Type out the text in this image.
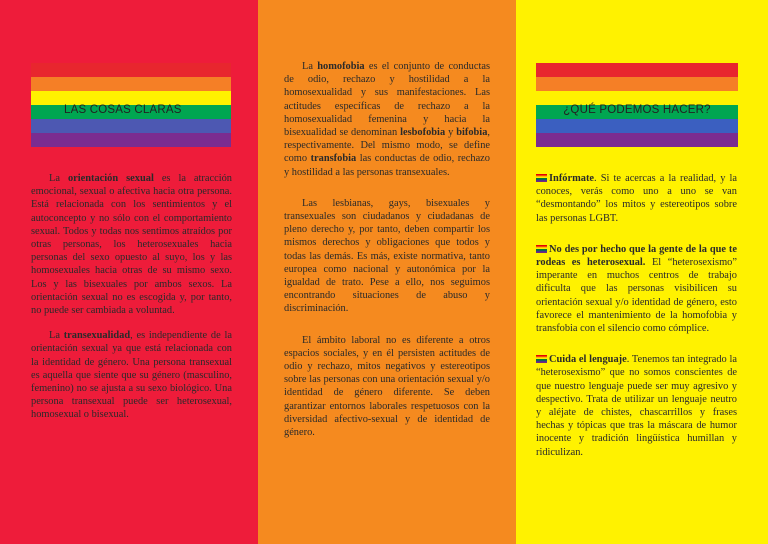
LAS COSAS CLARAS

La orientación sexual es la atracción emocional, sexual o afectiva hacia otra persona. Está relacionada con los sentimientos y el autoconcepto y no sólo con el comportamiento sexual. Todos y todas nos sentimos atraídos por otras personas, los heterosexuales hacia personas del sexo opuesto al suyo, los y las homosexuales hacia otras de su mismo sexo. Los y las bisexuales por ambos sexos. La orientación sexual no es escogida y, por tanto, no puede ser cambiada a voluntad.

La transexualidad, es independiente de la orientación sexual ya que está relacionada con la identidad de género. Una persona transexual es aquella que siente que su género (masculino, femenino) no se ajusta a su sexo biológico. Una persona transexual puede ser heterosexual, homosexual o bisexual.

La homofobia es el conjunto de conductas de odio, rechazo y hostilidad a la homosexualidad y sus manifestaciones. Las actitudes específicas de rechazo a la homosexualidad femenina y hacia la bisexualidad se denominan lesbofobia y bifobia, respectivamente. Del mismo modo, se define como transfobia las conductas de odio, rechazo y hostilidad a las personas transexuales.

Las lesbianas, gays, bisexuales y transexuales son ciudadanos y ciudadanas de pleno derecho y, por tanto, deben compartir los mismos derechos y obligaciones que todos y todas las demás. Es más, existe normativa, tanto europea como nacional y autonómica por la igualdad de trato. Pese a ello, nos seguimos encontrando situaciones de abuso y discriminación.

El ámbito laboral no es diferente a otros espacios sociales, y en él persisten actitudes de odio y rechazo, mitos negativos y estereotipos sobre las personas con una orientación sexual y/o identidad de género diferente. Se deben garantizar entornos laborales respetuosos con la diversidad afectivo-sexual y de identidad de género.

¿QUÉ PODEMOS HACER?

Infórmate. Si te acercas a la realidad, y la conoces, verás como uno a uno se van “desmontando” los mitos y estereotipos sobre las personas LGBT.

No des por hecho que la gente de la que te rodeas es heterosexual. El “heterosexismo” imperante en muchos centros de trabajo dificulta que las personas visibilicen su orientación sexual y/o identidad de género, esto favorece el mantenimiento de la homofobia y transfobia con el silencio como cómplice.

Cuida el lenguaje. Tenemos tan integrado la “heterosexismo” que no somos conscientes de que nuestro lenguaje puede ser muy agresivo y despectivo. Trata de utilizar un lenguaje neutro y aléjate de chistes, chascarrillos y frases hechas y tópicas que tras la máscara de humor inocente y tradición lingüística humillan y ridiculizan.
